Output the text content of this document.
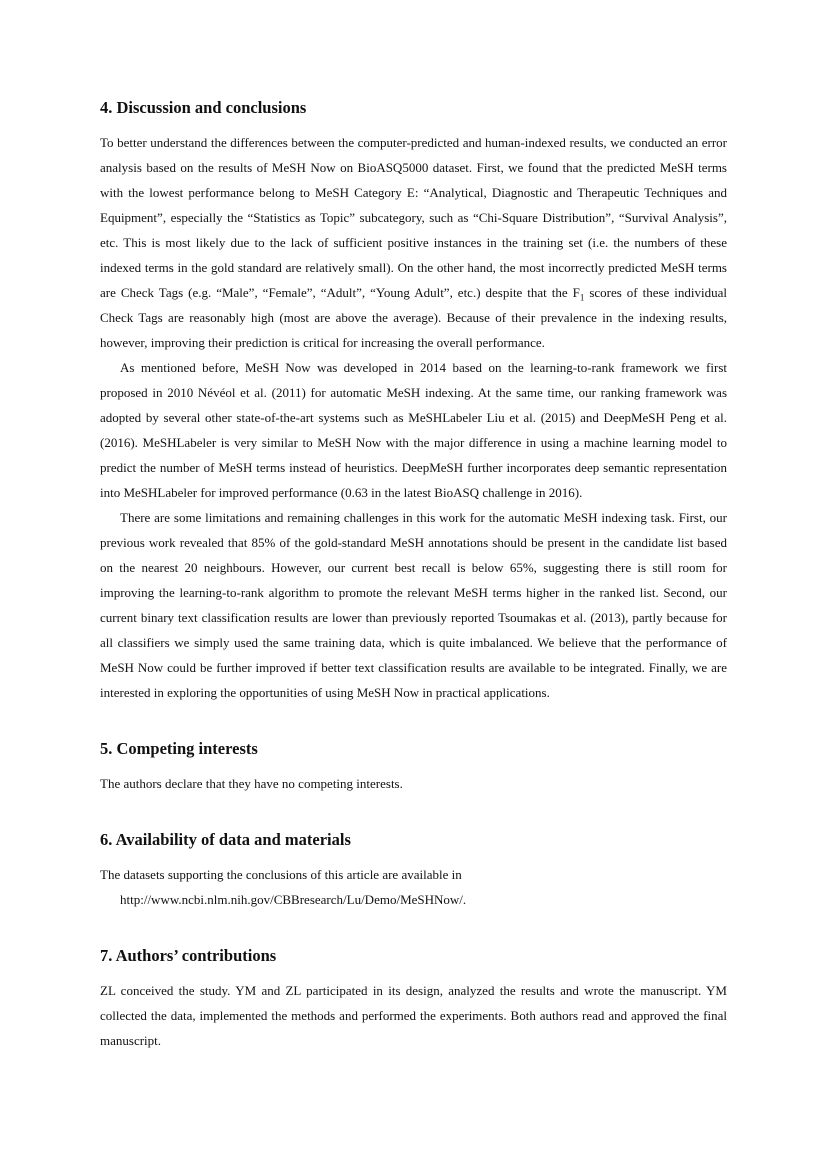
4. Discussion and conclusions

To better understand the differences between the computer-predicted and human-indexed results, we conducted an error analysis based on the results of MeSH Now on BioASQ5000 dataset. First, we found that the predicted MeSH terms with the lowest performance belong to MeSH Category E: “Analytical, Diagnostic and Therapeutic Techniques and Equipment”, especially the “Statistics as Topic” subcategory, such as “Chi-Square Distribution”, “Survival Analysis”, etc. This is most likely due to the lack of sufficient positive instances in the training set (i.e. the numbers of these indexed terms in the gold standard are relatively small). On the other hand, the most incorrectly predicted MeSH terms are Check Tags (e.g. “Male”, “Female”, “Adult”, “Young Adult”, etc.) despite that the $F_1$ scores of these individual Check Tags are reasonably high (most are above the average). Because of their prevalence in the indexing results, however, improving their prediction is critical for increasing the overall performance.

As mentioned before, MeSH Now was developed in 2014 based on the learning-to-rank framework we first proposed in 2010 Névéol et al. (2011) for automatic MeSH indexing. At the same time, our ranking framework was adopted by several other state-of-the-art systems such as MeSHLabeler Liu et al. (2015) and DeepMeSH Peng et al. (2016). MeSHLabeler is very similar to MeSH Now with the major difference in using a machine learning model to predict the number of MeSH terms instead of heuristics. DeepMeSH further incorporates deep semantic representation into MeSHLabeler for improved performance (0.63 in the latest BioASQ challenge in 2016).

There are some limitations and remaining challenges in this work for the automatic MeSH indexing task. First, our previous work revealed that 85% of the gold-standard MeSH annotations should be present in the candidate list based on the nearest 20 neighbours. However, our current best recall is below 65%, suggesting there is still room for improving the learning-to-rank algorithm to promote the relevant MeSH terms higher in the ranked list. Second, our current binary text classification results are lower than previously reported Tsoumakas et al. (2013), partly because for all classifiers we simply used the same training data, which is quite imbalanced. We believe that the performance of MeSH Now could be further improved if better text classification results are available to be integrated. Finally, we are interested in exploring the opportunities of using MeSH Now in practical applications.

5. Competing interests

The authors declare that they have no competing interests.

6. Availability of data and materials

The datasets supporting the conclusions of this article are available in

http://www.ncbi.nlm.nih.gov/CBBresearch/Lu/Demo/MeSHNow/.
7. Authors’ contributions

ZL conceived the study. YM and ZL participated in its design, analyzed the results and wrote the manuscript. YM collected the data, implemented the methods and performed the experiments. Both authors read and approved the final manuscript.
